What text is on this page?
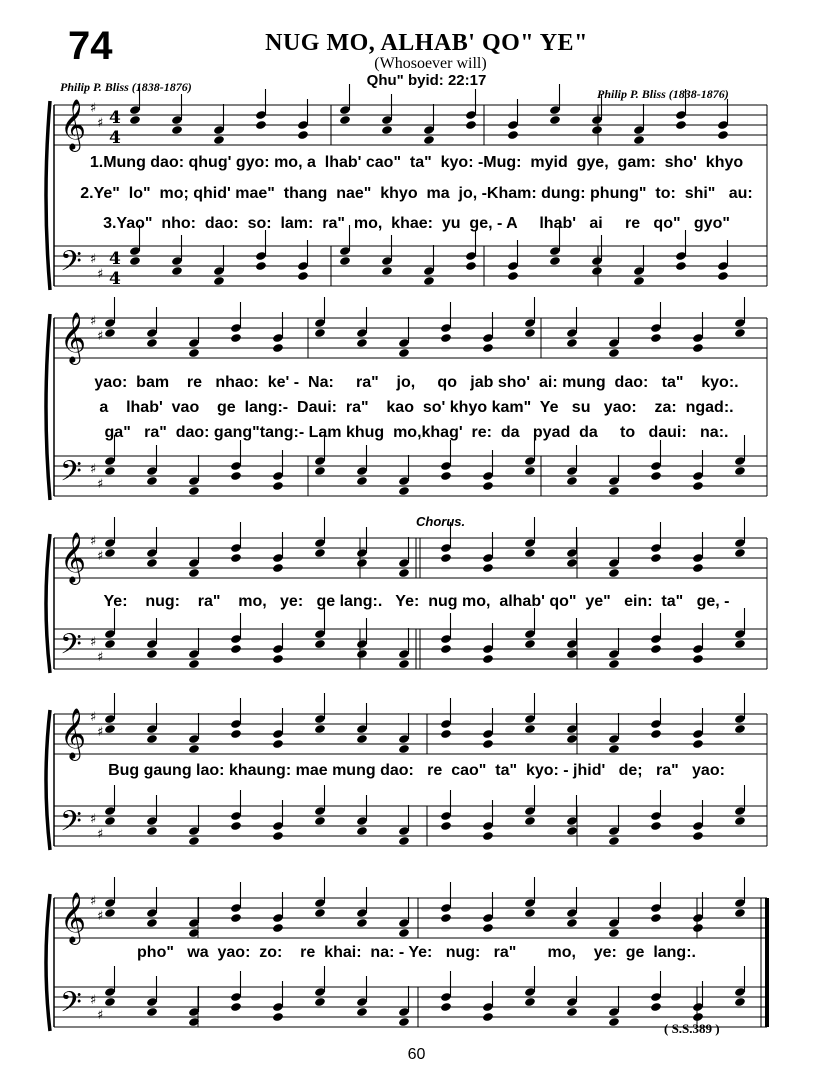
74	NUG MO, ALHAB' QO" YE"
(Whosoever will)
Qhu" byid: 22:17
Philip P. Bliss (1838-1876)	Philip P. Bliss (1838-1876)
Chorus.
𝄞
𝄢
♯
♯
♯
♯
4
4
4
4
𝄞
𝄢
♯
♯
♯
♯
𝄞
𝄢
♯
♯
♯
♯
𝄞
𝄢
♯
♯
♯
♯
𝄞
𝄢
♯
♯
♯
♯
1.Mung dao: qhug' gyo: mo, a  lhab' cao"  ta"  kyo: -Mug:  myid  gye,  gam:  sho'  khyo
2.Ye"  lo"  mo; qhid' mae"  thang  nae"  khyo  ma  jo, -Kham: dung: phung"  to:  shi"   au:
3.Yao"  nho:  dao:  so:  lam:  ra"  mo,  khae:  yu  ge, - A     lhab'   ai     re   qo"   gyo"
yao:  bam    re   nhao:  ke' -  Na:     ra"    jo,     qo   jab sho'  ai: mung  dao:   ta"    kyo:.
a    lhab'  vao    ge  lang:-  Daui:  ra"    kao  so' khyo kam"  Ye   su   yao:    za:  ngad:.
ga"   ra"  dao: gang"tang:- Lam khug  mo,khag'  re:  da   pyad  da     to   daui:   na:.
Ye:    nug:    ra"    mo,   ye:   ge lang:.   Ye:  nug mo,  alhab' qo"  ye"   ein:  ta"   ge, -
Bug gaung lao: khaung: mae mung dao:   re  cao"  ta"  kyo: - jhid'   de;   ra"   yao:
pho"   wa  yao:  zo:    re  khai:  na: - Ye:   nug:   ra"       mo,    ye:  ge  lang:.
( S.S.389 )
60
